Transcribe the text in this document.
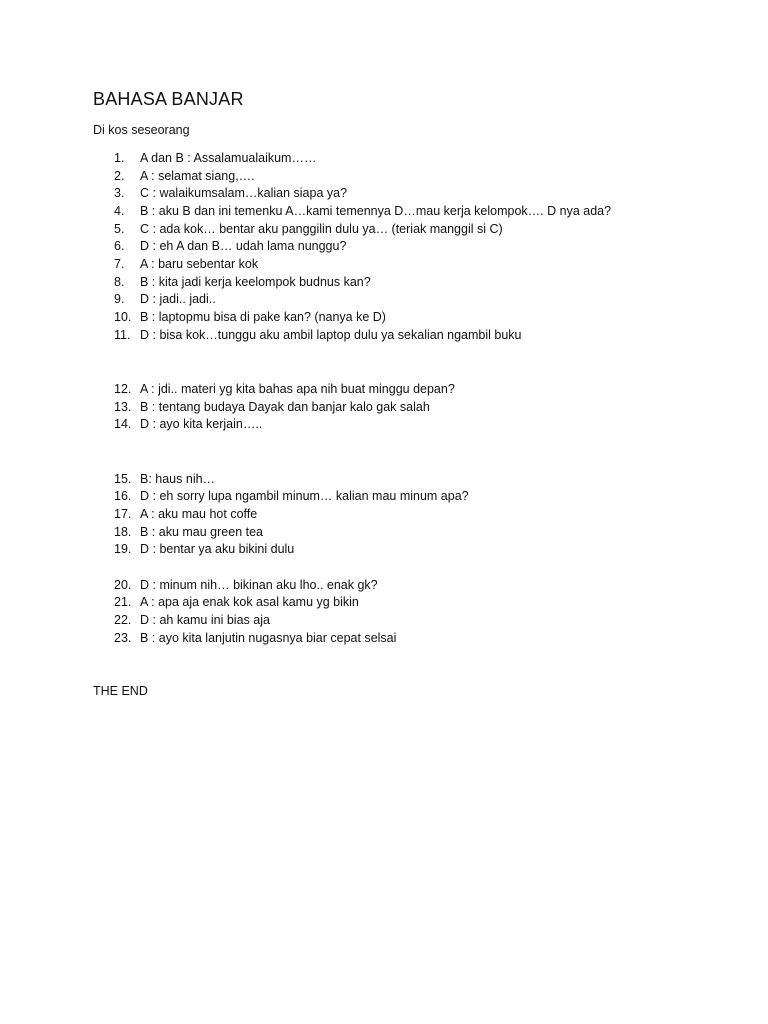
BAHASA BANJAR
Di kos seseorang
1.	A dan B : Assalamualaikum……
2.	A : selamat siang,….
3.	C : walaikumsalam…kalian siapa ya?
4.	B : aku B dan ini temenku A…kami temennya D…mau kerja kelompok…. D nya ada?
5.	C : ada kok… bentar aku panggilin dulu ya… (teriak manggil si C)
6.	D : eh A dan B… udah lama nunggu?
7.	A : baru sebentar kok
8.	B : kita jadi kerja keelompok budnus kan?
9.	D : jadi.. jadi..
10. B : laptopmu bisa di pake kan? (nanya ke D)
11. D : bisa kok…tunggu aku ambil laptop dulu ya sekalian ngambil buku
12. A : jdi.. materi yg kita bahas apa nih buat minggu depan?
13. B : tentang budaya Dayak dan banjar kalo gak salah
14. D : ayo kita kerjain…..
15. B: haus nih…
16. D : eh sorry lupa ngambil minum… kalian mau minum apa?
17. A : aku mau hot coffe
18. B : aku mau green tea
19. D : bentar ya aku bikini dulu
20. D : minum nih… bikinan aku lho.. enak gk?
21. A : apa aja enak kok asal kamu yg bikin
22. D : ah kamu ini bias aja
23. B : ayo kita lanjutin nugasnya biar cepat selsai
THE END
